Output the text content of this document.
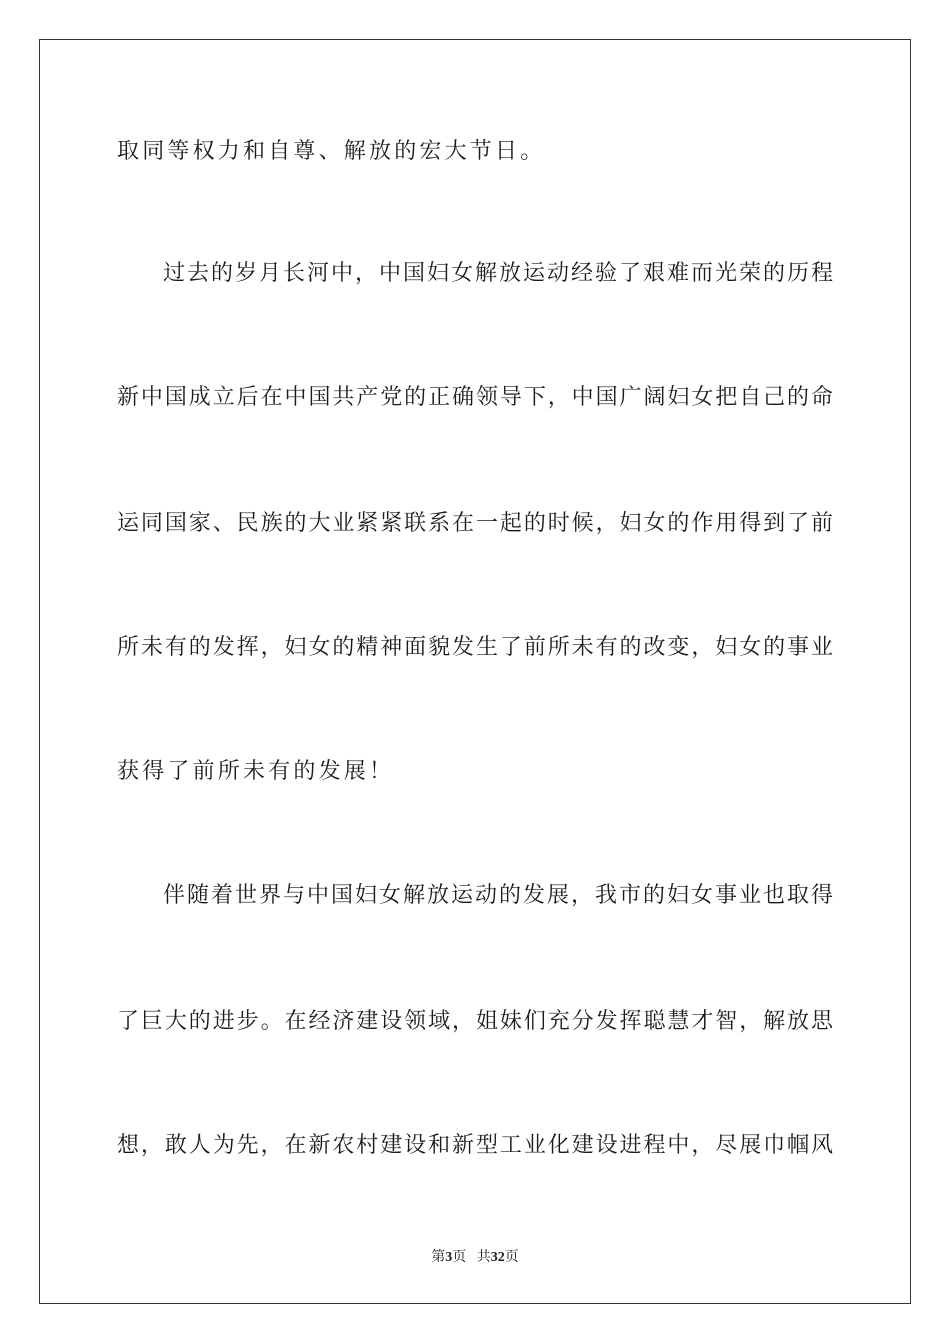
取同等权力和自尊、解放的宏大节日。
过去的岁月长河中，中国妇女解放运动经验了艰难而光荣的历程
新中国成立后在中国共产党的正确领导下，中国广阔妇女把自己的命
运同国家、民族的大业紧紧联系在一起的时候，妇女的作用得到了前
所未有的发挥，妇女的精神面貌发生了前所未有的改变，妇女的事业
获得了前所未有的发展！
伴随着世界与中国妇女解放运动的发展，我市的妇女事业也取得
了巨大的进步。在经济建设领域，姐妹们充分发挥聪慧才智，解放思
想，敢人为先，在新农村建设和新型工业化建设进程中，尽展巾帼风
第3页 共32页
